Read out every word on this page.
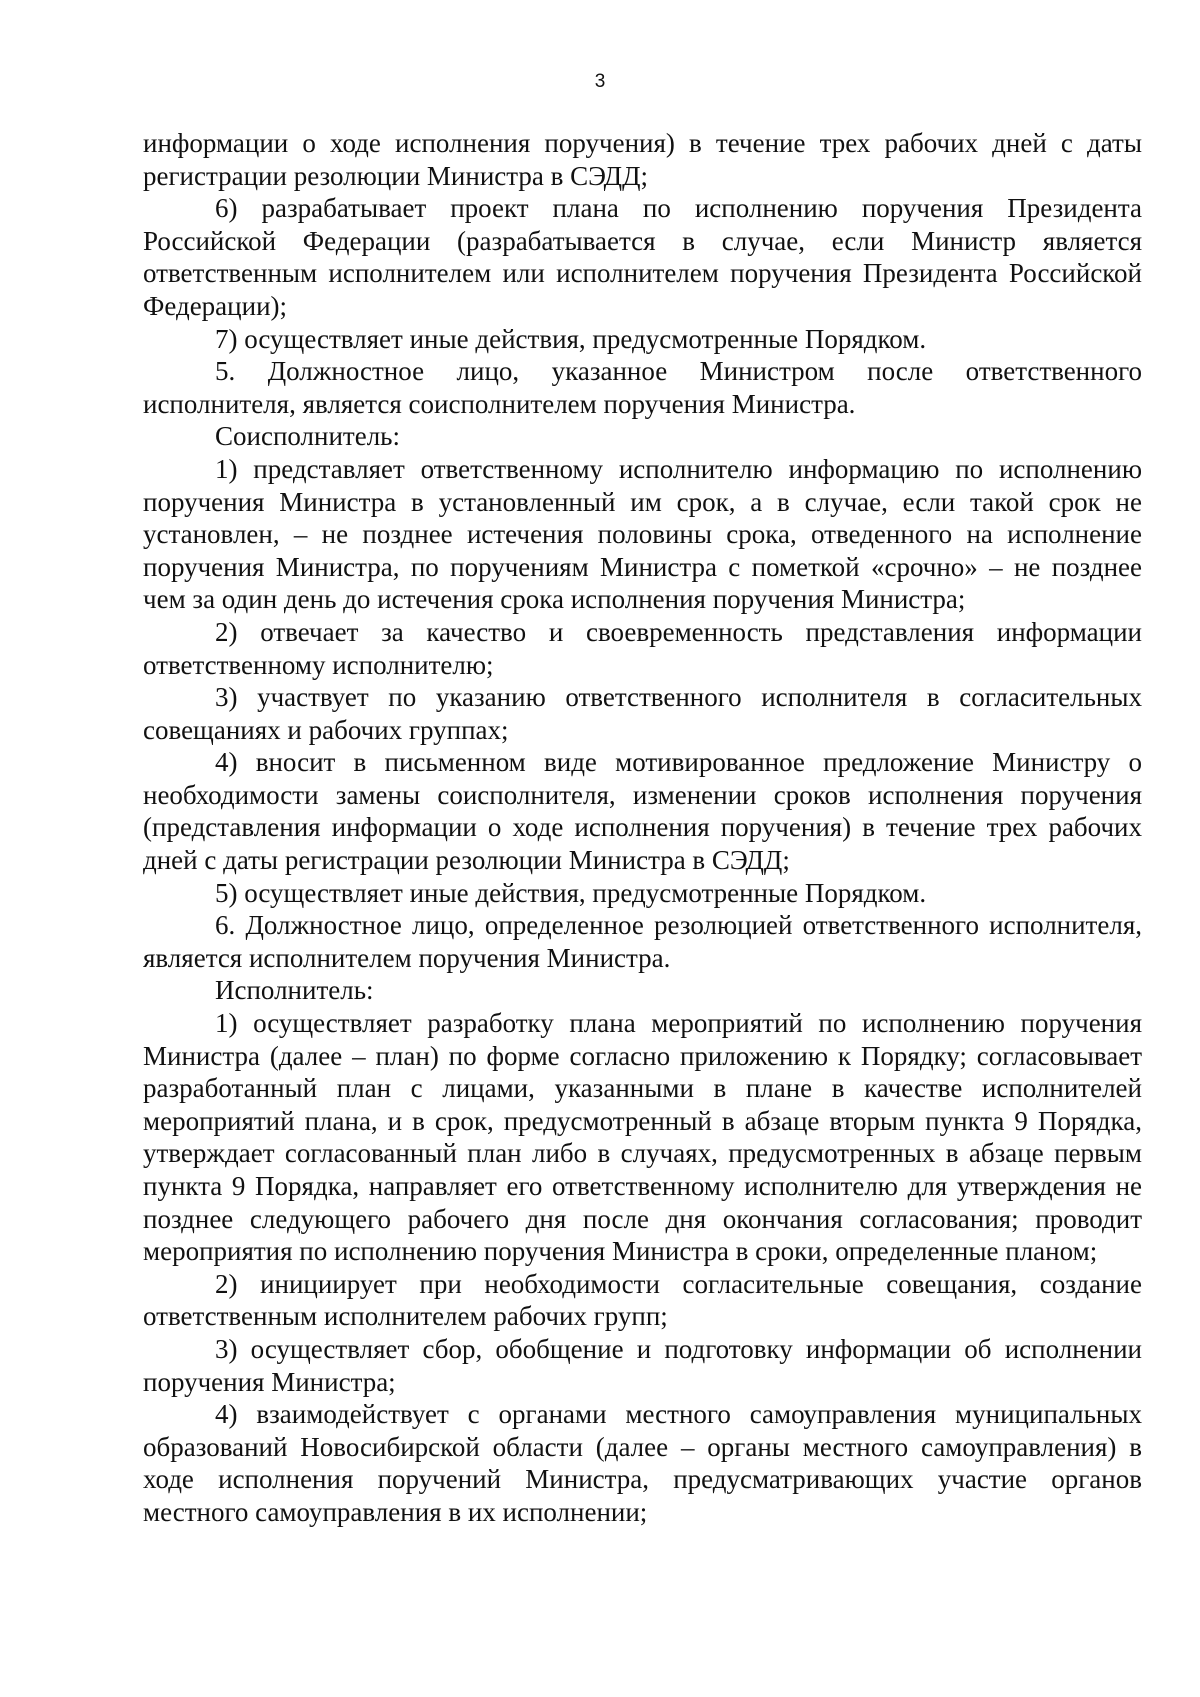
3

информации о ходе исполнения поручения) в течение трех рабочих дней с даты регистрации резолюции Министра в СЭДД;

6) разрабатывает проект плана по исполнению поручения Президента Российской Федерации (разрабатывается в случае, если Министр является ответственным исполнителем или исполнителем поручения Президента Российской Федерации);

7) осуществляет иные действия, предусмотренные Порядком.

5. Должностное лицо, указанное Министром после ответственного исполнителя, является соисполнителем поручения Министра.

Соисполнитель:

1) представляет ответственному исполнителю информацию по исполнению поручения Министра в установленный им срок, а в случае, если такой срок не установлен, – не позднее истечения половины срока, отведенного на исполнение поручения Министра, по поручениям Министра с пометкой «срочно» – не позднее чем за один день до истечения срока исполнения поручения Министра;

2) отвечает за качество и своевременность представления информации ответственному исполнителю;

3) участвует по указанию ответственного исполнителя в согласительных совещаниях и рабочих группах;

4) вносит в письменном виде мотивированное предложение Министру о необходимости замены соисполнителя, изменении сроков исполнения поручения (представления информации о ходе исполнения поручения) в течение трех рабочих дней с даты регистрации резолюции Министра в СЭДД;

5) осуществляет иные действия, предусмотренные Порядком.

6. Должностное лицо, определенное резолюцией ответственного исполнителя, является исполнителем поручения Министра.

Исполнитель:

1) осуществляет разработку плана мероприятий по исполнению поручения Министра (далее – план) по форме согласно приложению к Порядку; согласовывает разработанный план с лицами, указанными в плане в качестве исполнителей мероприятий плана, и в срок, предусмотренный в абзаце вторым пункта 9 Порядка, утверждает согласованный план либо в случаях, предусмотренных в абзаце первым пункта 9 Порядка, направляет его ответственному исполнителю для утверждения не позднее следующего рабочего дня после дня окончания согласования; проводит мероприятия по исполнению поручения Министра в сроки, определенные планом;

2) инициирует при необходимости согласительные совещания, создание ответственным исполнителем рабочих групп;

3) осуществляет сбор, обобщение и подготовку информации об исполнении поручения Министра;

4) взаимодействует с органами местного самоуправления муниципальных образований Новосибирской области (далее – органы местного самоуправления) в ходе исполнения поручений Министра, предусматривающих участие органов местного самоуправления в их исполнении;
